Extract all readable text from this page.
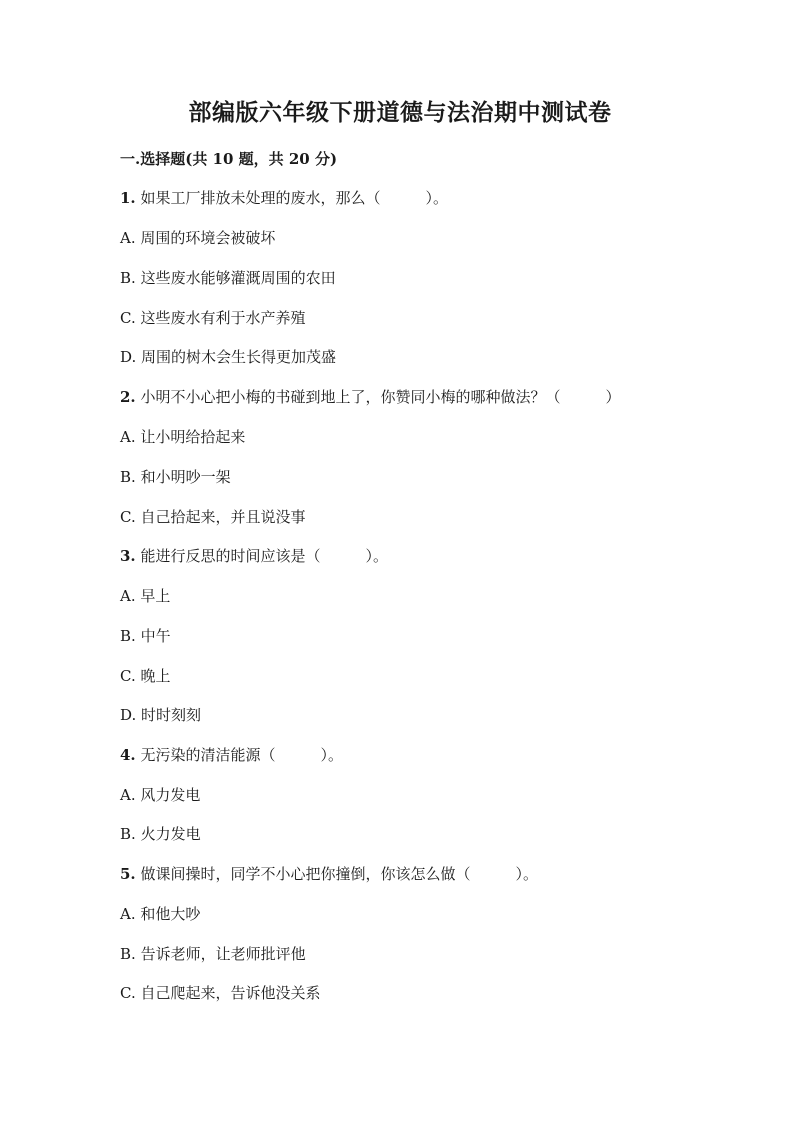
部编版六年级下册道德与法治期中测试卷
一.选择题(共 10 题，共 20 分)
1. 如果工厂排放未处理的废水，那么（　　　）。
A. 周围的环境会被破坏
B. 这些废水能够灌溉周围的农田
C. 这些废水有利于水产养殖
D. 周围的树木会生长得更加茂盛
2. 小明不小心把小梅的书碰到地上了，你赞同小梅的哪种做法？（　　　）
A. 让小明给拾起来
B. 和小明吵一架
C. 自己拾起来，并且说没事
3. 能进行反思的时间应该是（　　　）。
A. 早上
B. 中午
C. 晚上
D. 时时刻刻
4. 无污染的清洁能源（　　　）。
A. 风力发电
B. 火力发电
5. 做课间操时，同学不小心把你撞倒，你该怎么做（　　　）。
A. 和他大吵
B. 告诉老师，让老师批评他
C. 自己爬起来，告诉他没关系
